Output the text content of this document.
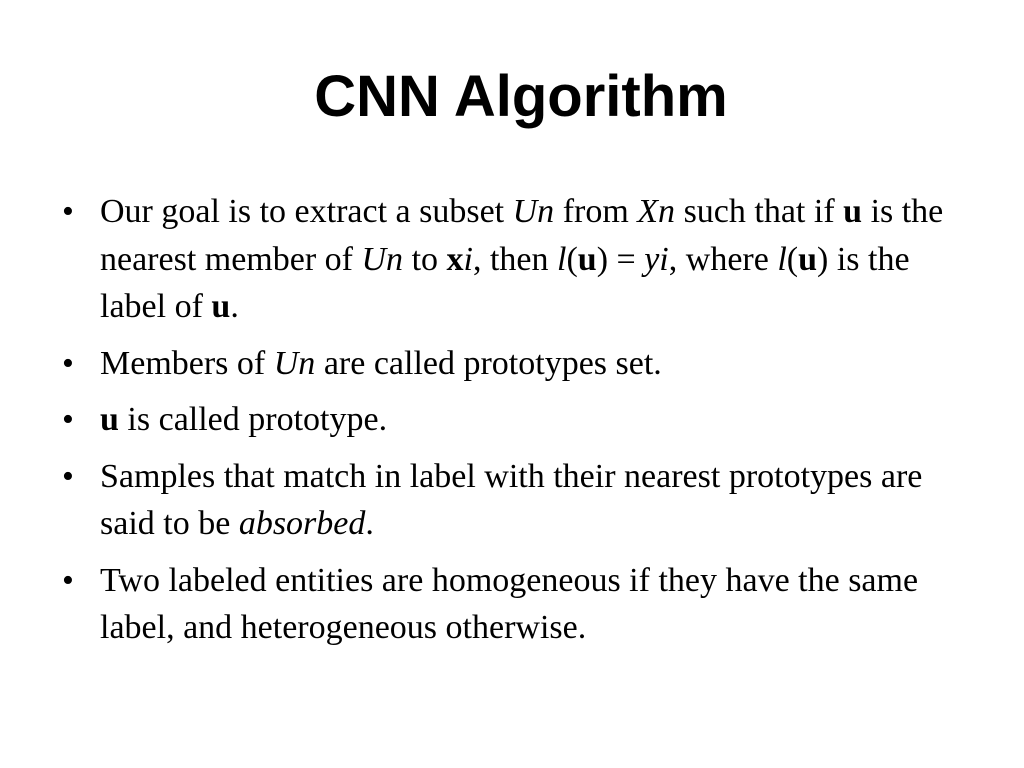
CNN Algorithm
• Our goal is to extract a subset Un from Xn such that if u is the nearest member of Un to xi, then l(u) = yi, where l(u) is the label of u.
• Members of Un are called prototypes set.
• u is called prototype.
• Samples that match in label with their nearest prototypes are said to be absorbed.
• Two labeled entities are homogeneous if they have the same label, and heterogeneous otherwise.
